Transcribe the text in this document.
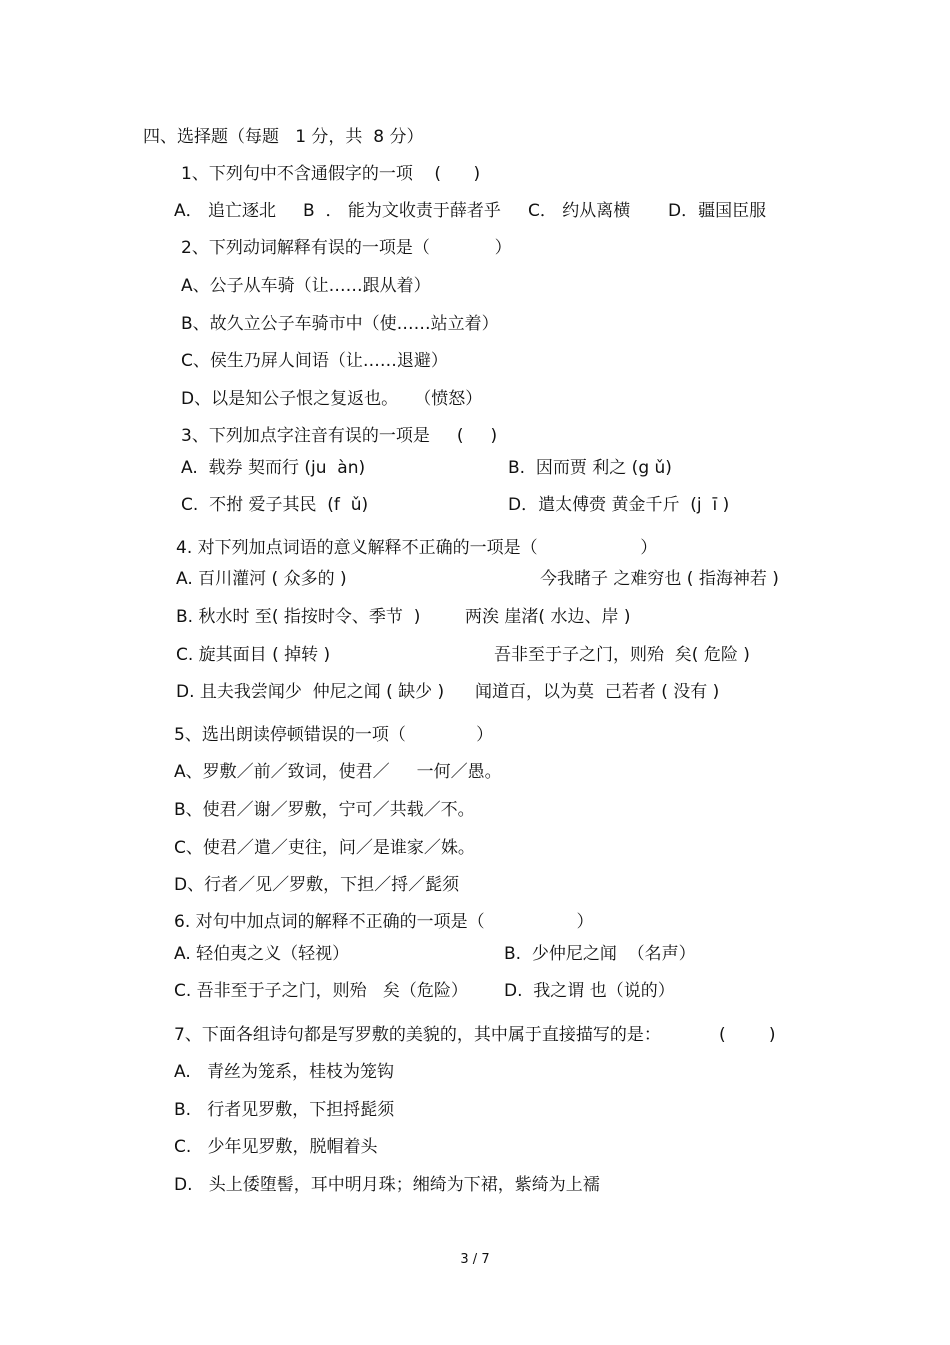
四、选择题（每题   1 分，共  8 分）
1、下列句中不含通假字的一项    (      )
A． 追亡逐北     B  ． 能为文收责于薛者乎     C． 约从离横       D．疆国臣服
2、下列动词解释有误的一项是（            ）
A、公子从车骑（让……跟从着）
B、故久立公子车骑市中（使……站立着）
C、侯生乃屏人间语（让……退避）
D、以是知公子恨之复返也。   （愤怒）
3、下列加点字注音有误的一项是     (     )
A.  载券 契而行 (ju  àn)	B.  因而贾 利之 (g ǔ)
C.  不拊 爱子其民  (f  ǔ)	D．遣太傅赍 黄金千斤  (j  ī )
4. 对下列加点词语的意义解释不正确的一项是（                   ）
A. 百川灌河 ( 众多的 )	今我睹子 之难穷也 ( 指海神若 )
B. 秋水时 至( 指按时令、季节  )	两涘 崖渚( 水边、岸 )
C. 旋其面目 ( 掉转 )	吾非至于子之门，则殆  矣( 危险 )
D. 且夫我尝闻少  仲尼之闻 ( 缺少 ) 闻道百，以为莫  己若者 ( 没有 )
5、选出朗读停顿错误的一项（             ）
A、罗敷／前／致词，使君／     一何／愚。
B、使君／谢／罗敷，宁可／共载／不。
C、使君／遣／吏往，问／是谁家／姝。
D、行者／见／罗敷，下担／捋／髭须
6. 对句中加点词的解释不正确的一项是（                 ）
A. 轻伯夷之义（轻视）	B.  少仲尼之闻  （名声）
C. 吾非至于子之门，则殆   矣（危险） D.  我之谓 也（说的）
7、下面各组诗句都是写罗敷的美貌的，其中属于直接描写的是：	(        )
A.   青丝为笼系，桂枝为笼钩
B.   行者见罗敷，下担捋髭须
C.   少年见罗敷，脱帽着头
D.   头上倭堕髻，耳中明月珠；缃绮为下裙，紫绮为上襦
3 / 7
